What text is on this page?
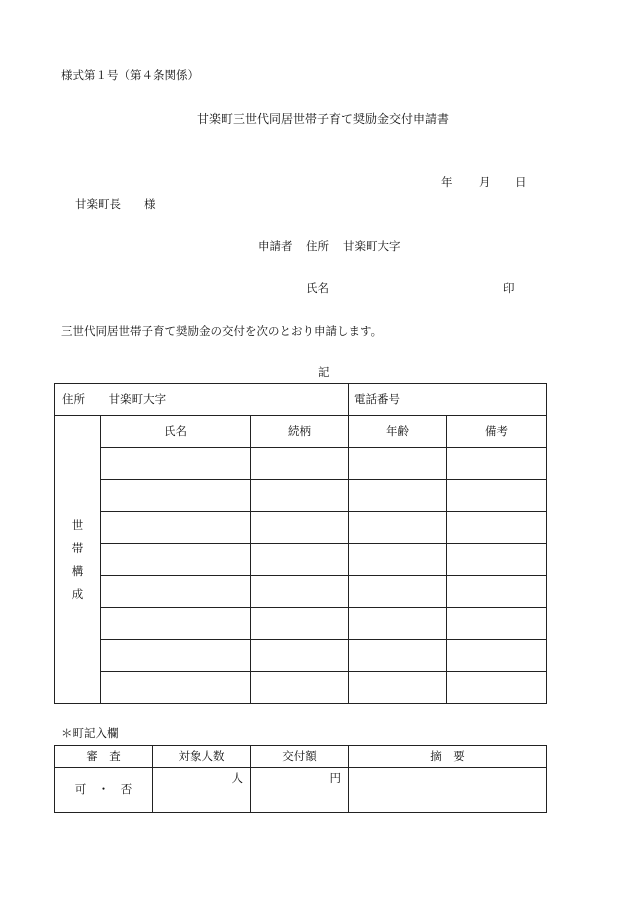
様式第１号（第４条関係）
甘楽町三世代同居世帯子育て奨励金交付申請書
年 月 日
甘楽町長　　様
申請者 住所 甘楽町大字
氏名	印
三世代同居世帯子育て奨励金の交付を次のとおり申請します。
記
住所 甘楽町大字			電話番号	

世
帯
構
成	氏名	続柄	年齢	備考

＊町記入欄
審　査	対象人数	交付額	摘　要
可　・　否	人	円	
